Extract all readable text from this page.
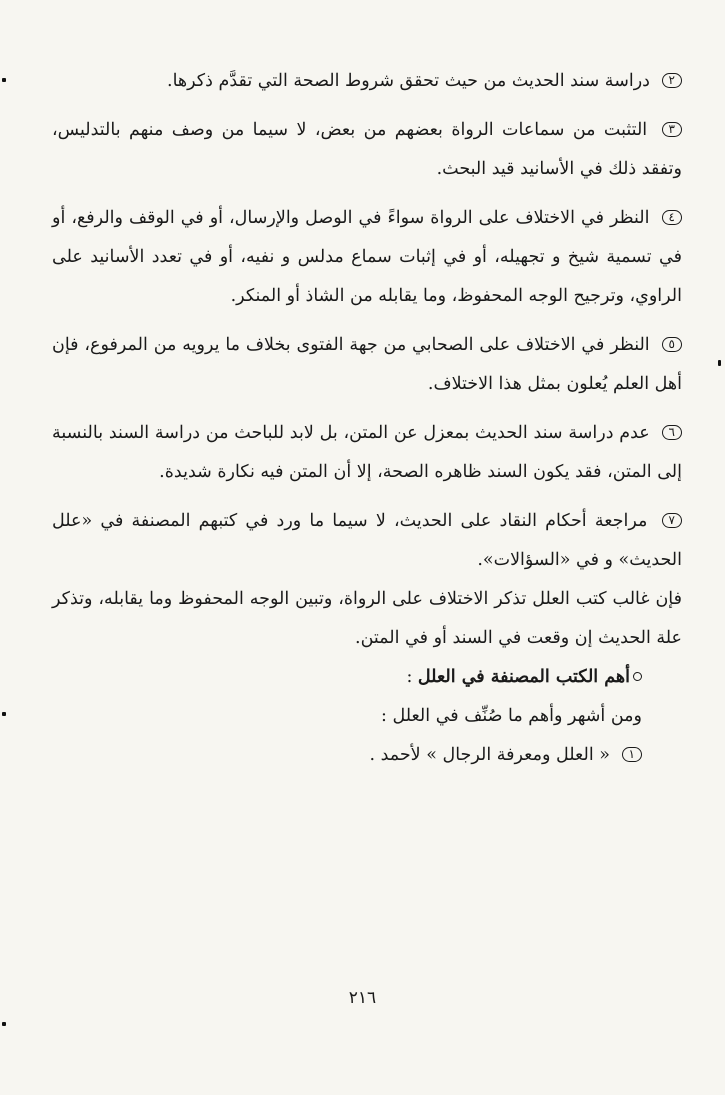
٢ دراسة سند الحديث من حيث تحقق شروط الصحة التي تقدَّم ذكرها.

٣ التثبت من سماعات الرواة بعضهم من بعض، لا سيما من وصف منهم بالتدليس، وتفقد ذلك في الأسانيد قيد البحث.

٤ النظر في الاختلاف على الرواة سواءً في الوصل والإرسال، أو في الوقف والرفع، أو في تسمية شيخ و تجهيله، أو في إثبات سماع مدلس و نفيه، أو في تعدد الأسانيد على الراوي، وترجيح الوجه المحفوظ، وما يقابله من الشاذ أو المنكر.

٥ النظر في الاختلاف على الصحابي من جهة الفتوى بخلاف ما يرويه من المرفوع، فإن أهل العلم يُعلون بمثل هذا الاختلاف.

٦ عدم دراسة سند الحديث بمعزل عن المتن، بل لابد للباحث من دراسة السند بالنسبة إلى المتن، فقد يكون السند ظاهره الصحة، إلا أن المتن فيه نكارة شديدة.

٧ مراجعة أحكام النقاد على الحديث، لا سيما ما ورد في كتبهم المصنفة في «علل الحديث» و في «السؤالات».

فإن غالب كتب العلل تذكر الاختلاف على الرواة، وتبين الوجه المحفوظ وما يقابله، وتذكر علة الحديث إن وقعت في السند أو في المتن.

أهم الكتب المصنفة في العلل :

ومن أشهر وأهم ما صُنِّف في العلل :

١ « العلل ومعرفة الرجال » لأحمد .

٢١٦
